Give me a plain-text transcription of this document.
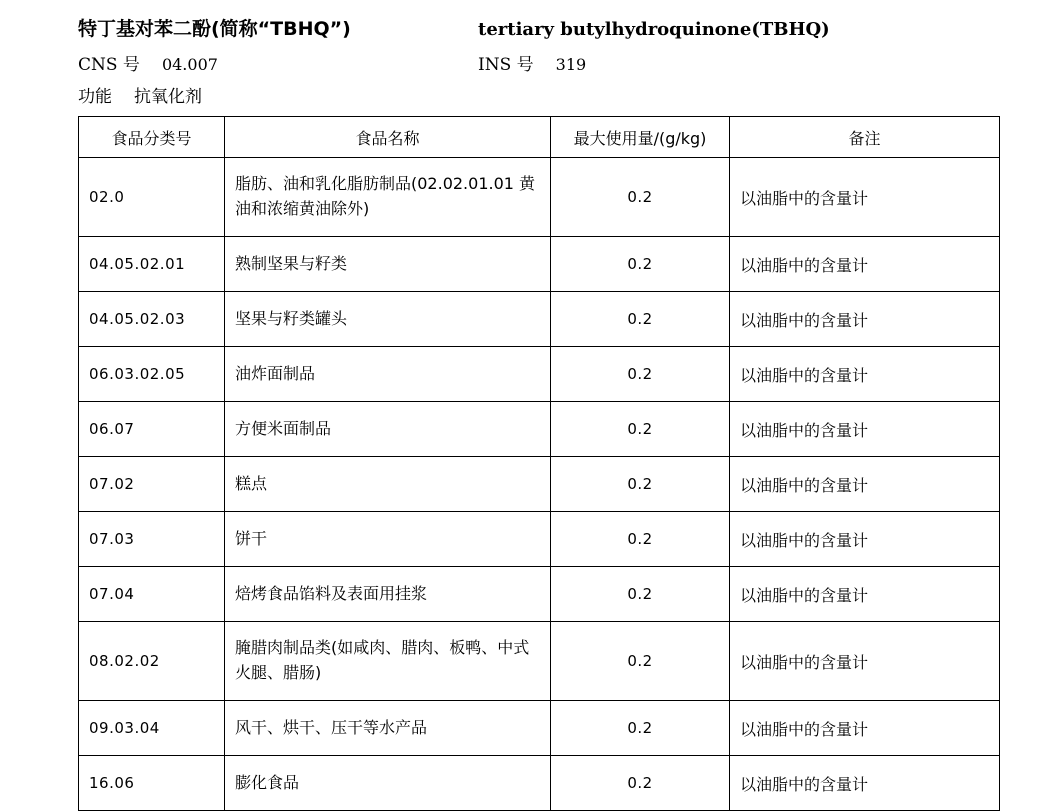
特丁基对苯二酚(简称“TBHQ”)	tertiary butylhydroquinone(TBHQ)
CNS 号 04.007	INS 号 319
功能 抗氧化剂
食品分类号	食品名称	最大使用量/(g/kg)	备注
02.0	脂肪、油和乳化脂肪制品(02.02.01.01 黄油和浓缩黄油除外)	0.2	以油脂中的含量计
04.05.02.01	熟制坚果与籽类	0.2	以油脂中的含量计
04.05.02.03	坚果与籽类罐头	0.2	以油脂中的含量计
06.03.02.05	油炸面制品	0.2	以油脂中的含量计
06.07	方便米面制品	0.2	以油脂中的含量计
07.02	糕点	0.2	以油脂中的含量计
07.03	饼干	0.2	以油脂中的含量计
07.04	焙烤食品馅料及表面用挂浆	0.2	以油脂中的含量计
08.02.02	腌腊肉制品类(如咸肉、腊肉、板鸭、中式火腿、腊肠)	0.2	以油脂中的含量计
09.03.04	风干、烘干、压干等水产品	0.2	以油脂中的含量计
16.06	膨化食品	0.2	以油脂中的含量计
